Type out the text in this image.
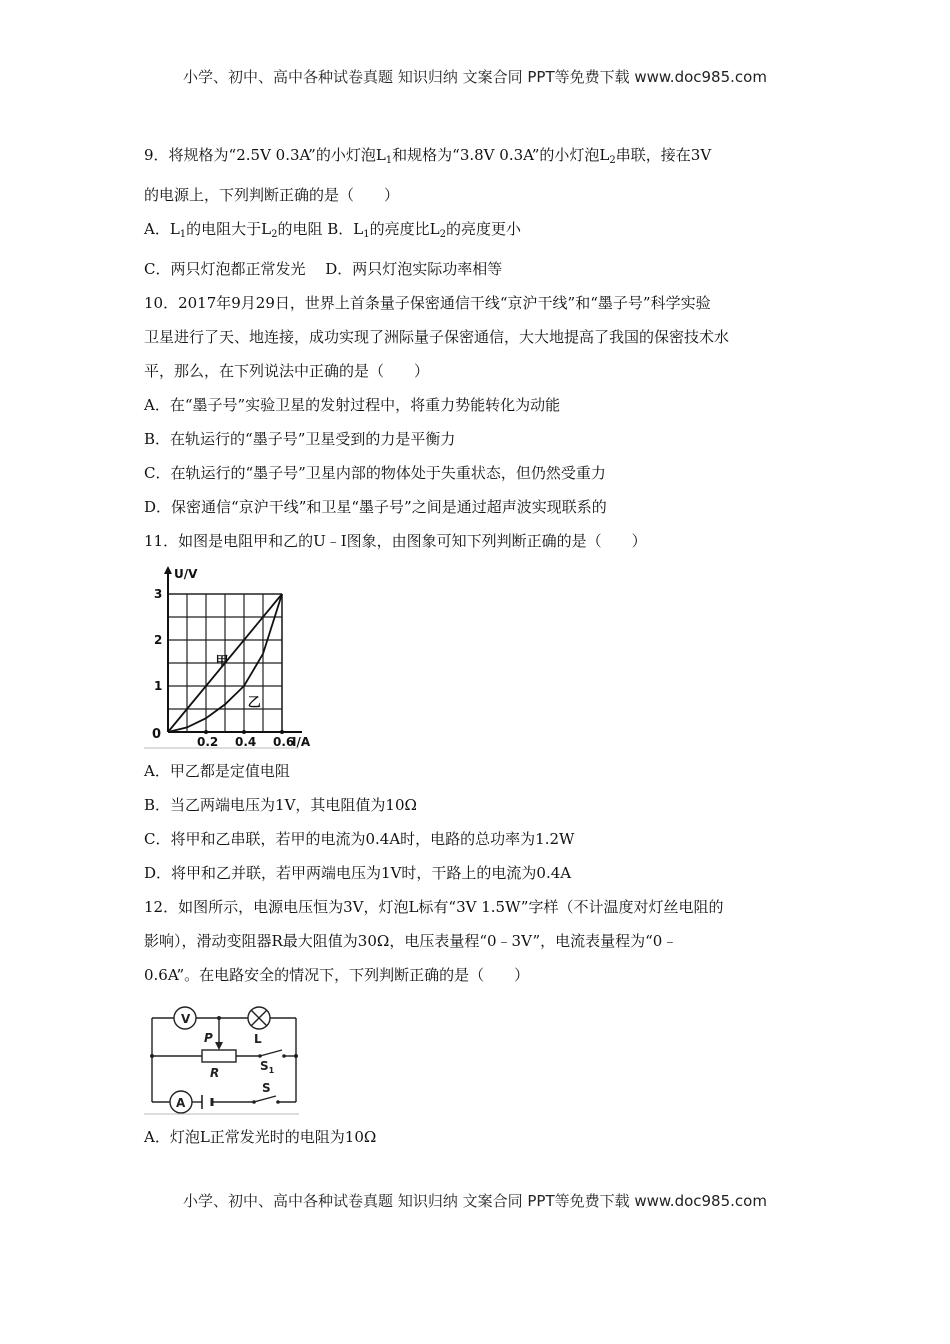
小学、初中、高中各种试卷真题 知识归纳 文案合同 PPT等免费下载 www.doc985.com
9．将规格为“2.5V 0.3A”的小灯泡$L_1$和规格为“3.8V 0.3A”的小灯泡$L_2$串联，接在3V
的电源上，下列判断正确的是（　　）
A．$L_1$的电阻大于$L_2$的电阻 B．$L_1$的亮度比$L_2$的亮度更小
C．两只灯泡都正常发光　 D．两只灯泡实际功率相等
10．2017年9月29日，世界上首条量子保密通信干线“京沪干线”和“墨子号”科学实验
卫星进行了天、地连接，成功实现了洲际量子保密通信，大大地提高了我国的保密技术水
平，那么，在下列说法中正确的是（　　）
A．在“墨子号”实验卫星的发射过程中，将重力势能转化为动能
B．在轨运行的“墨子号”卫星受到的力是平衡力
C．在轨运行的“墨子号”卫星内部的物体处于失重状态，但仍然受重力
D．保密通信“京沪干线”和卫星“墨子号”之间是通过超声波实现联系的
11．如图是电阻甲和乙的U﹣I图象，由图象可知下列判断正确的是（　　）
0.2 0.4 0.6
1
2
3
0
U/V
I/A
甲
乙
A．甲乙都是定值电阻
B．当乙两端电压为1V，其电阻值为10Ω
C．将甲和乙串联，若甲的电流为0.4A时，电路的总功率为1.2W
D．将甲和乙并联，若甲两端电压为1V时，干路上的电流为0.4A
12．如图所示，电源电压恒为3V，灯泡L标有“3V 1.5W”字样（不计温度对灯丝电阻的
影响），滑动变阻器R最大阻值为30Ω，电压表量程“0﹣3V”，电流表量程为“0﹣
0.6A”。在电路安全的情况下，下列判断正确的是（　　）
V
A
L
P
R	$S_1$
S
A．灯泡L正常发光时的电阻为10Ω
小学、初中、高中各种试卷真题 知识归纳 文案合同 PPT等免费下载 www.doc985.com
